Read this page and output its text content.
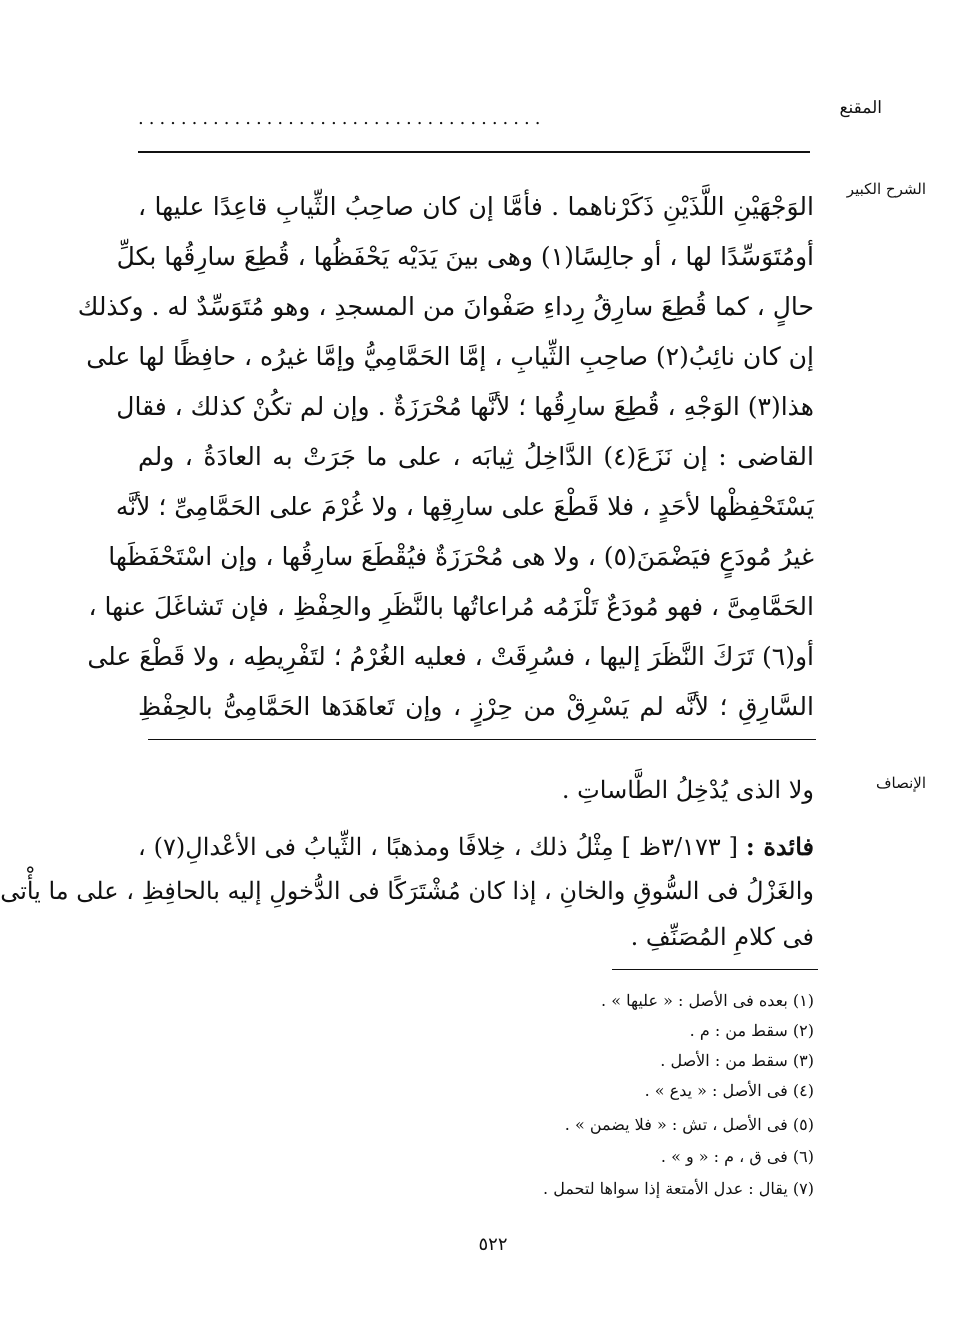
المقنع
......................................
الشرح الكبير
الإنصاف
الوَجْهَيْنِ اللَّذَيْنِ ذَكَرْناهما . فأمَّا إن كان صاحِبُ الثِّيابِ قاعِدًا عليها ،
أومُتَوَسِّدًا لها ، أو جالِسًا(١) وهى بينَ يَدَيْه يَحْفَظُها ، قُطِعَ سارِقُها بكلِّ
حالٍ ، كما قُطِعَ سارِقُ رِداءِ صَفْوانَ من المسجدِ ، وهو مُتَوَسِّدٌ له . وكذلك
إن كان نائِبُ(٢) صاحِبِ الثِّيابِ ، إمَّا الحَمَّامِيُّ وإمَّا غيرُه ، حافِظًا لها على
هذا(٣) الوَجْهِ ، قُطِعَ سارِقُها ؛ لأنَّها مُحْرَزَةٌ . وإن لم تكُنْ كذلك ، فقال
القاضى : إن نَزَعَ(٤) الدَّاخِلُ ثِيابَه ، على ما جَرَتْ به العادَةُ ، ولم
يَسْتَحْفِظْها لأحَدٍ ، فلا قَطْعَ على سارِقِها ، ولا غُرْمَ على الحَمَّامِىِّ ؛ لأنَّه
غيرُ مُودَعٍ فيَضْمَنَ(٥) ، ولا هى مُحْرَزَةٌ فيُقْطَعَ سارِقُها ، وإن اسْتَحْفَظَها
الحَمَّامِىَّ ، فهو مُودَعٌ تَلْزَمُه مُراعاتُها بالنَّظَرِ والحِفْظِ ، فإن تَشاغَلَ عنها ،
أو(٦) تَرَكَ النَّظَرَ إليها ، فسُرِقَتْ ، فعليه الغُرْمُ ؛ لتَفْرِيطِه ، ولا قَطْعَ على
السَّارِقِ ؛ لأنَّه لم يَسْرِقْ من حِرْزٍ ، وإن تَعاهَدَها الحَمَّامِىُّ بالحِفْظِ
ولا الذى يُدْخِلُ الطَّاساتِ .
فائدة : [ ٣/١٧٣ظ ] مِثْلُ ذلك ، خِلافًا ومذهبًا ، الثِّيابُ فى الأعْدالِ(٧) ،
والغَزْلُ فى السُّوقِ والخانِ ، إذا كان مُشْتَرَكًا فى الدُّخولِ إليه بالحافِظِ ، على ما يأْتى
فى كلامِ المُصَنِّفِ .
(١) بعده فى الأصل : « عليها » .
(٢) سقط من : م .
(٣) سقط من : الأصل .
(٤) فى الأصل : « يدع » .
(٥) فى الأصل ، تش : « فلا يضمن » .
(٦) فى ق ، م : « و » .
(٧) يقال : عدل الأمتعة إذا سواها لتحمل .
٥٢٢
